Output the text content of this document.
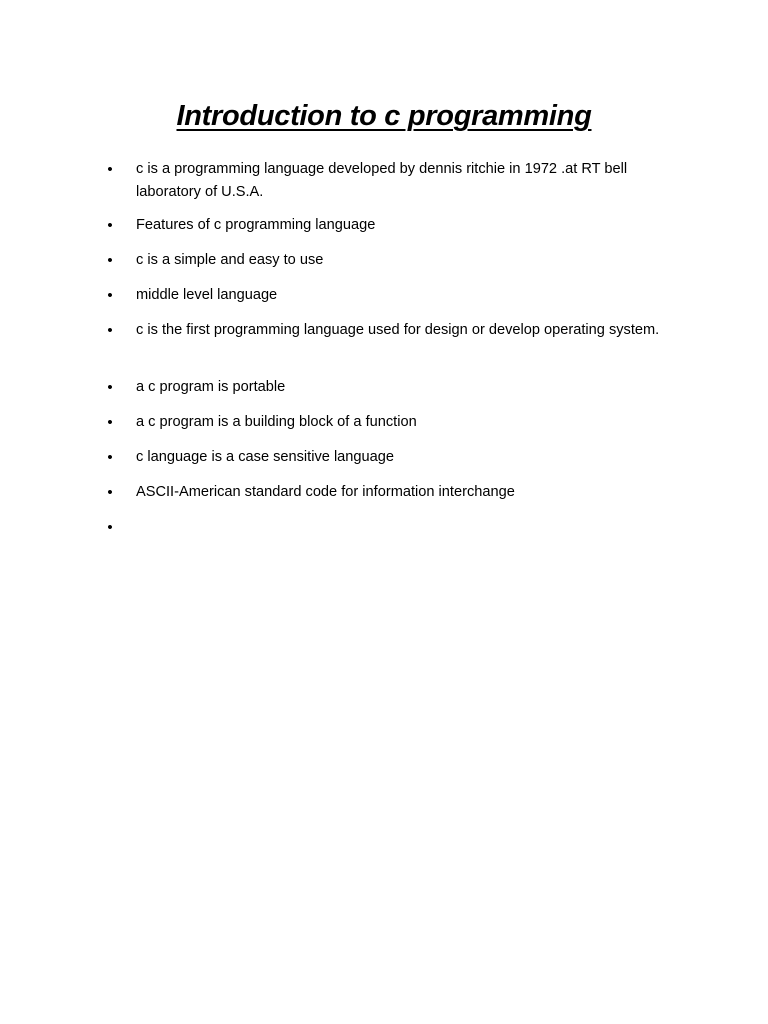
Introduction to c programming
• c is a programming language developed by dennis ritchie in 1972 .at RT bell laboratory of U.S.A.
• Features of c programming language
• c is a simple and easy to use
• middle level language
• c is the first programming language used for design or develop operating system.
• a c program is portable
• a c program is a building block of a function
• c language is a case sensitive language
• ASCII-American standard code for information interchange
•
